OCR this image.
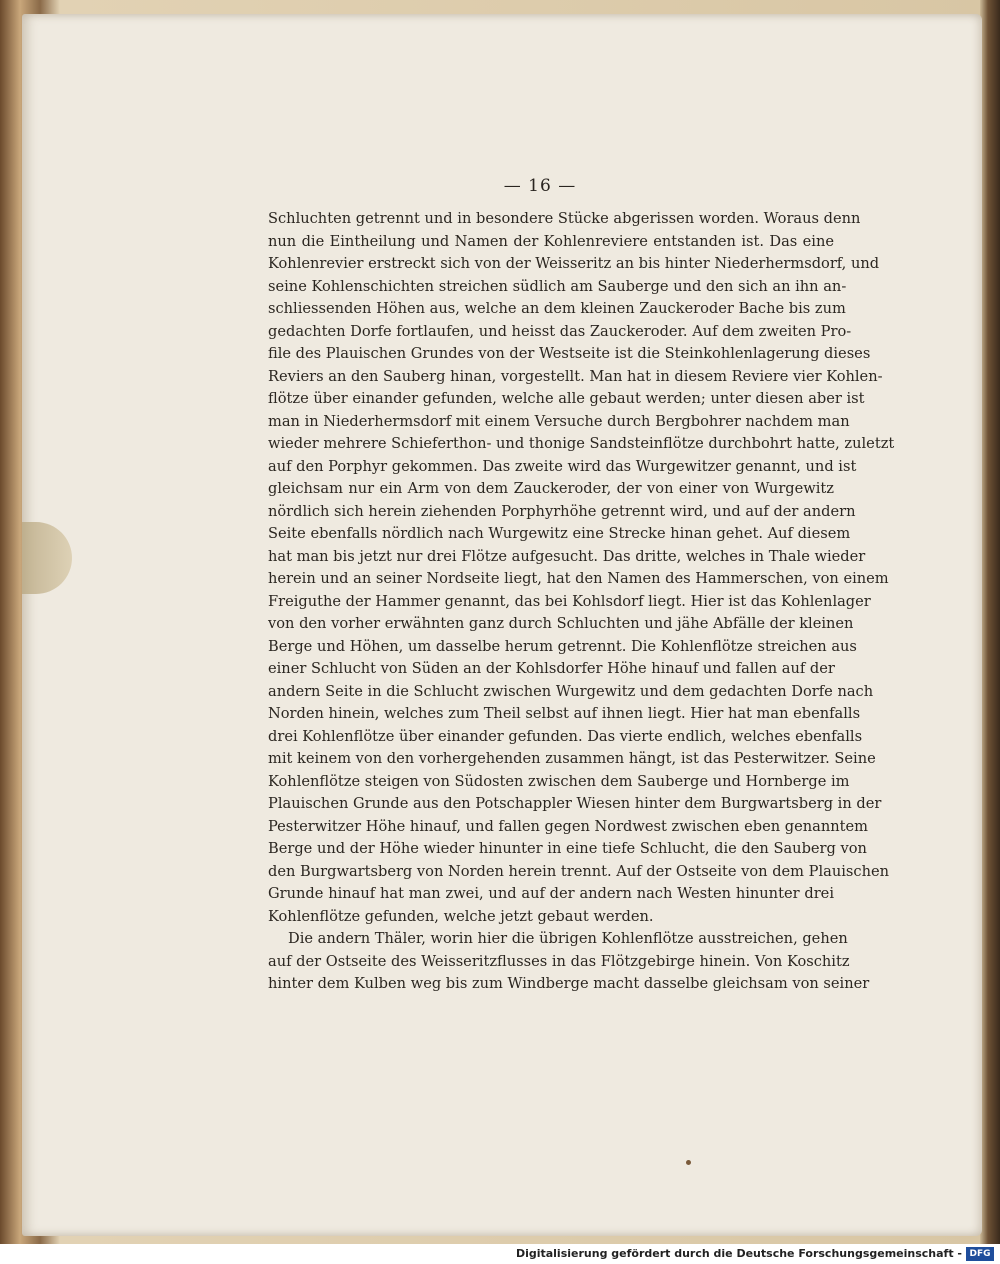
— 16 —
Schluchten getrennt und in besondere Stücke abgerissen worden. Woraus denn
nun die Eintheilung und Namen der Kohlenreviere entstanden ist. Das eine
Kohlenrevier erstreckt sich von der Weisseritz an bis hinter Niederhermsdorf, und
seine Kohlenschichten streichen südlich am Sauberge und den sich an ihn an-
schliessenden Höhen aus, welche an dem kleinen Zauckeroder Bache bis zum
gedachten Dorfe fortlaufen, und heisst das Zauckeroder. Auf dem zweiten Pro-
file des Plauischen Grundes von der Westseite ist die Steinkohlenlagerung dieses
Reviers an den Sauberg hinan, vorgestellt. Man hat in diesem Reviere vier Kohlen-
flötze über einander gefunden, welche alle gebaut werden; unter diesen aber ist
man in Niederhermsdorf mit einem Versuche durch Bergbohrer nachdem man
wieder mehrere Schieferthon- und thonige Sandsteinflötze durchbohrt hatte, zuletzt
auf den Porphyr gekommen. Das zweite wird das Wurgewitzer genannt, und ist
gleichsam nur ein Arm von dem Zauckeroder, der von einer von Wurgewitz
nördlich sich herein ziehenden Porphyrhöhe getrennt wird, und auf der andern
Seite ebenfalls nördlich nach Wurgewitz eine Strecke hinan gehet. Auf diesem
hat man bis jetzt nur drei Flötze aufgesucht. Das dritte, welches in Thale wieder
herein und an seiner Nordseite liegt, hat den Namen des Hammerschen, von einem
Freiguthe der Hammer genannt, das bei Kohlsdorf liegt. Hier ist das Kohlenlager
von den vorher erwähnten ganz durch Schluchten und jähe Abfälle der kleinen
Berge und Höhen, um dasselbe herum getrennt. Die Kohlenflötze streichen aus
einer Schlucht von Süden an der Kohlsdorfer Höhe hinauf und fallen auf der
andern Seite in die Schlucht zwischen Wurgewitz und dem gedachten Dorfe nach
Norden hinein, welches zum Theil selbst auf ihnen liegt. Hier hat man ebenfalls
drei Kohlenflötze über einander gefunden. Das vierte endlich, welches ebenfalls
mit keinem von den vorhergehenden zusammen hängt, ist das Pesterwitzer. Seine
Kohlenflötze steigen von Südosten zwischen dem Sauberge und Hornberge im
Plauischen Grunde aus den Potschappler Wiesen hinter dem Burgwartsberg in der
Pesterwitzer Höhe hinauf, und fallen gegen Nordwest zwischen eben genanntem
Berge und der Höhe wieder hinunter in eine tiefe Schlucht, die den Sauberg von
den Burgwartsberg von Norden herein trennt. Auf der Ostseite von dem Plauischen
Grunde hinauf hat man zwei, und auf der andern nach Westen hinunter drei
Kohlenflötze gefunden, welche jetzt gebaut werden.
Die andern Thäler, worin hier die übrigen Kohlenflötze ausstreichen, gehen
auf der Ostseite des Weisseritzflusses in das Flötzgebirge hinein. Von Koschitz
hinter dem Kulben weg bis zum Windberge macht dasselbe gleichsam von seiner
Digitalisierung gefördert durch die Deutsche Forschungsgemeinschaft - DFG
